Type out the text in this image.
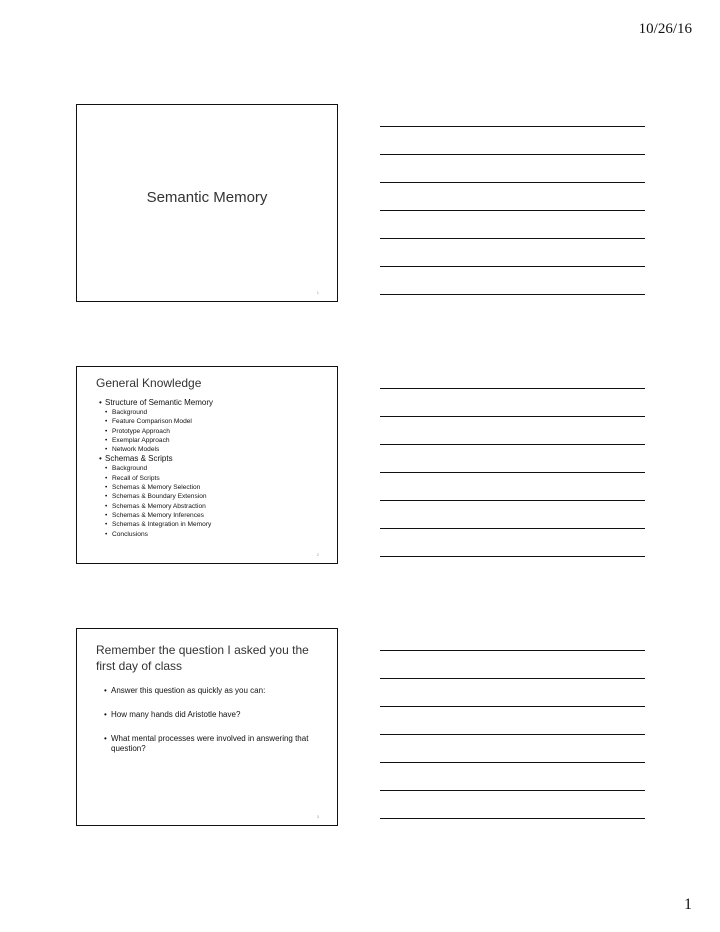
10/26/16
Semantic Memory
1
General Knowledge
• Structure of Semantic Memory
• Background
• Feature Comparison Model
• Prototype Approach
• Exemplar Approach
• Network Models
• Schemas & Scripts
• Background
• Recall of Scripts
• Schemas & Memory Selection
• Schemas & Boundary Extension
• Schemas & Memory Abstraction
• Schemas & Memory Inferences
• Schemas & Integration in Memory
• Conclusions
2
Remember the question I asked you the first day of class
• Answer this question as quickly as you can:
• How many hands did Aristotle have?
• What mental processes were involved in answering that question?
3
1
